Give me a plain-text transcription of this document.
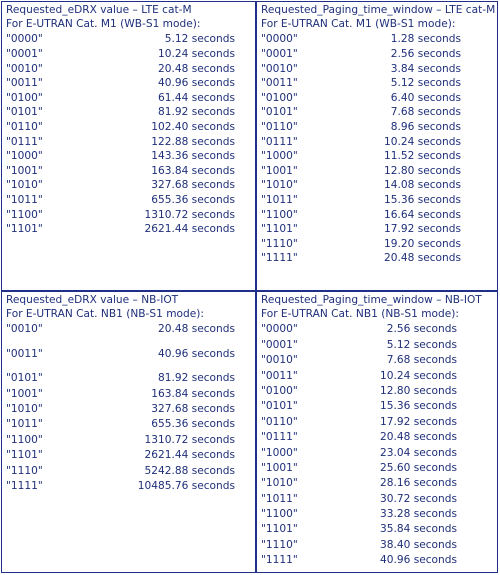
Requested_eDRX value – LTE cat-M
For E-UTRAN Cat. M1 (WB-S1 mode):
"0000"	5.12 seconds
"0001"	10.24 seconds
"0010"	20.48 seconds
"0011"	40.96 seconds
"0100"	61.44 seconds
"0101"	81.92 seconds
"0110"	102.40 seconds
"0111"	122.88 seconds
"1000"	143.36 seconds
"1001"	163.84 seconds
"1010"	327.68 seconds
"1011"	655.36 seconds
"1100"	1310.72 seconds
"1101"	2621.44 seconds
Requested_Paging_time_window – LTE cat-M
For E-UTRAN Cat. M1 (WB-S1 mode):
"0000"	1.28 seconds
"0001"	2.56 seconds
"0010"	3.84 seconds
"0011"	5.12 seconds
"0100"	6.40 seconds
"0101"	7.68 seconds
"0110"	8.96 seconds
"0111"	10.24 seconds
"1000"	11.52 seconds
"1001"	12.80 seconds
"1010"	14.08 seconds
"1011"	15.36 seconds
"1100"	16.64 seconds
"1101"	17.92 seconds
"1110"	19.20 seconds
"1111"	20.48 seconds
Requested_eDRX value – NB-IOT
For E-UTRAN Cat. NB1 (NB-S1 mode):
"0010"	20.48 seconds
"0011"	40.96 seconds
"0101"	81.92 seconds
"1001"	163.84 seconds
"1010"	327.68 seconds
"1011"	655.36 seconds
"1100"	1310.72 seconds
"1101"	2621.44 seconds
"1110"	5242.88 seconds
"1111"	10485.76 seconds
Requested_Paging_time_window – NB-IOT
For E-UTRAN Cat. NB1 (NB-S1 mode):
"0000"	2.56 seconds
"0001"	5.12 seconds
"0010"	7.68 seconds
"0011"	10.24 seconds
"0100"	12.80 seconds
"0101"	15.36 seconds
"0110"	17.92 seconds
"0111"	20.48 seconds
"1000"	23.04 seconds
"1001"	25.60 seconds
"1010"	28.16 seconds
"1011"	30.72 seconds
"1100"	33.28 seconds
"1101"	35.84 seconds
"1110"	38.40 seconds
"1111"	40.96 seconds
